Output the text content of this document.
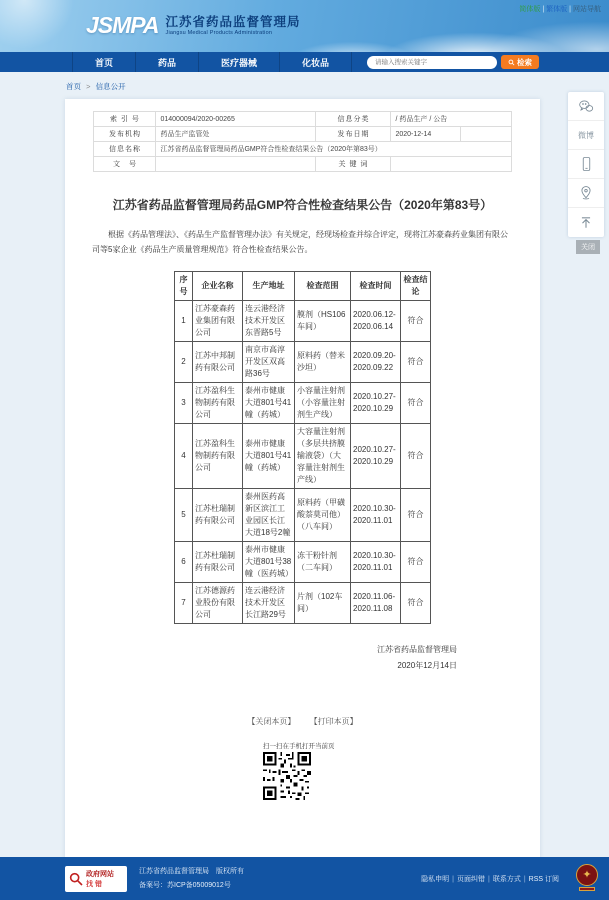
简体版 | 繁体版 | 网站导航
JSMPA 江苏省药品监督管理局
Jiangsu Medical Products Administration
首页	药品	医疗器械	化妆品
请输入搜索关键字	检索
首页 > 信息公开
索 引 号	014000094/2020-00265	信息分类	/ 药品生产 / 公告	
发布机构	药品生产监管处	发布日期	2020-12-14	
信息名称	江苏省药品监督管理局药品GMP符合性检查结果公告（2020年第83号）			
文　号		关 键 词		
江苏省药品监督管理局药品GMP符合性检查结果公告（2020年第83号）
根据《药品管理法》、《药品生产监督管理办法》有关规定，经现场检查并综合评定，现将江苏豪森药业集团有限公司等5家企业《药品生产质量管理规范》符合性检查结果公告。
序号	企业名称	生产地址	检查范围	检查时间	检查结论
1	江苏豪森药业集团有限公司	连云港经济技术开发区东晋路5号	膜剂（HS106车间）	2020.06.12-2020.06.14	符合
2	江苏中邦制药有限公司	南京市高淳开发区双高路36号	原料药（替米沙坦）	2020.09.20-2020.09.22	符合
3	江苏盈科生物制药有限公司	泰州市健康大道801号41幢（药城）	小容量注射剂（小容量注射剂生产线）	2020.10.27-2020.10.29	符合
4	江苏盈科生物制药有限公司	泰州市健康大道801号41幢（药城）	大容量注射剂（多层共挤膜输液袋）（大容量注射剂生产线）	2020.10.27-2020.10.29	符合
5	江苏杜瑞制药有限公司	泰州医药高新区滨江工业园区长江大道18号2幢	原料药（甲磺酸萘莫司他）（八车间）	2020.10.30-2020.11.01	符合
6	江苏杜瑞制药有限公司	泰州市健康大道801号38幢（医药城）	冻干粉针剂（二车间）	2020.10.30-2020.11.01	符合
7	江苏德源药业股份有限公司	连云港经济技术开发区长江路29号	片剂（102车间）	2020.11.06-2020.11.08	符合
江苏省药品监督管理局
2020年12月14日
【关闭本页】 【打印本页】
扫一扫在手机打开当前页
微博
关闭
政府网站
找错
江苏省药品监督管理局　版权所有
备案号：苏ICP备05009012号
隐私申明 | 页面纠错 | 联系方式 | RSS 订阅	✦
